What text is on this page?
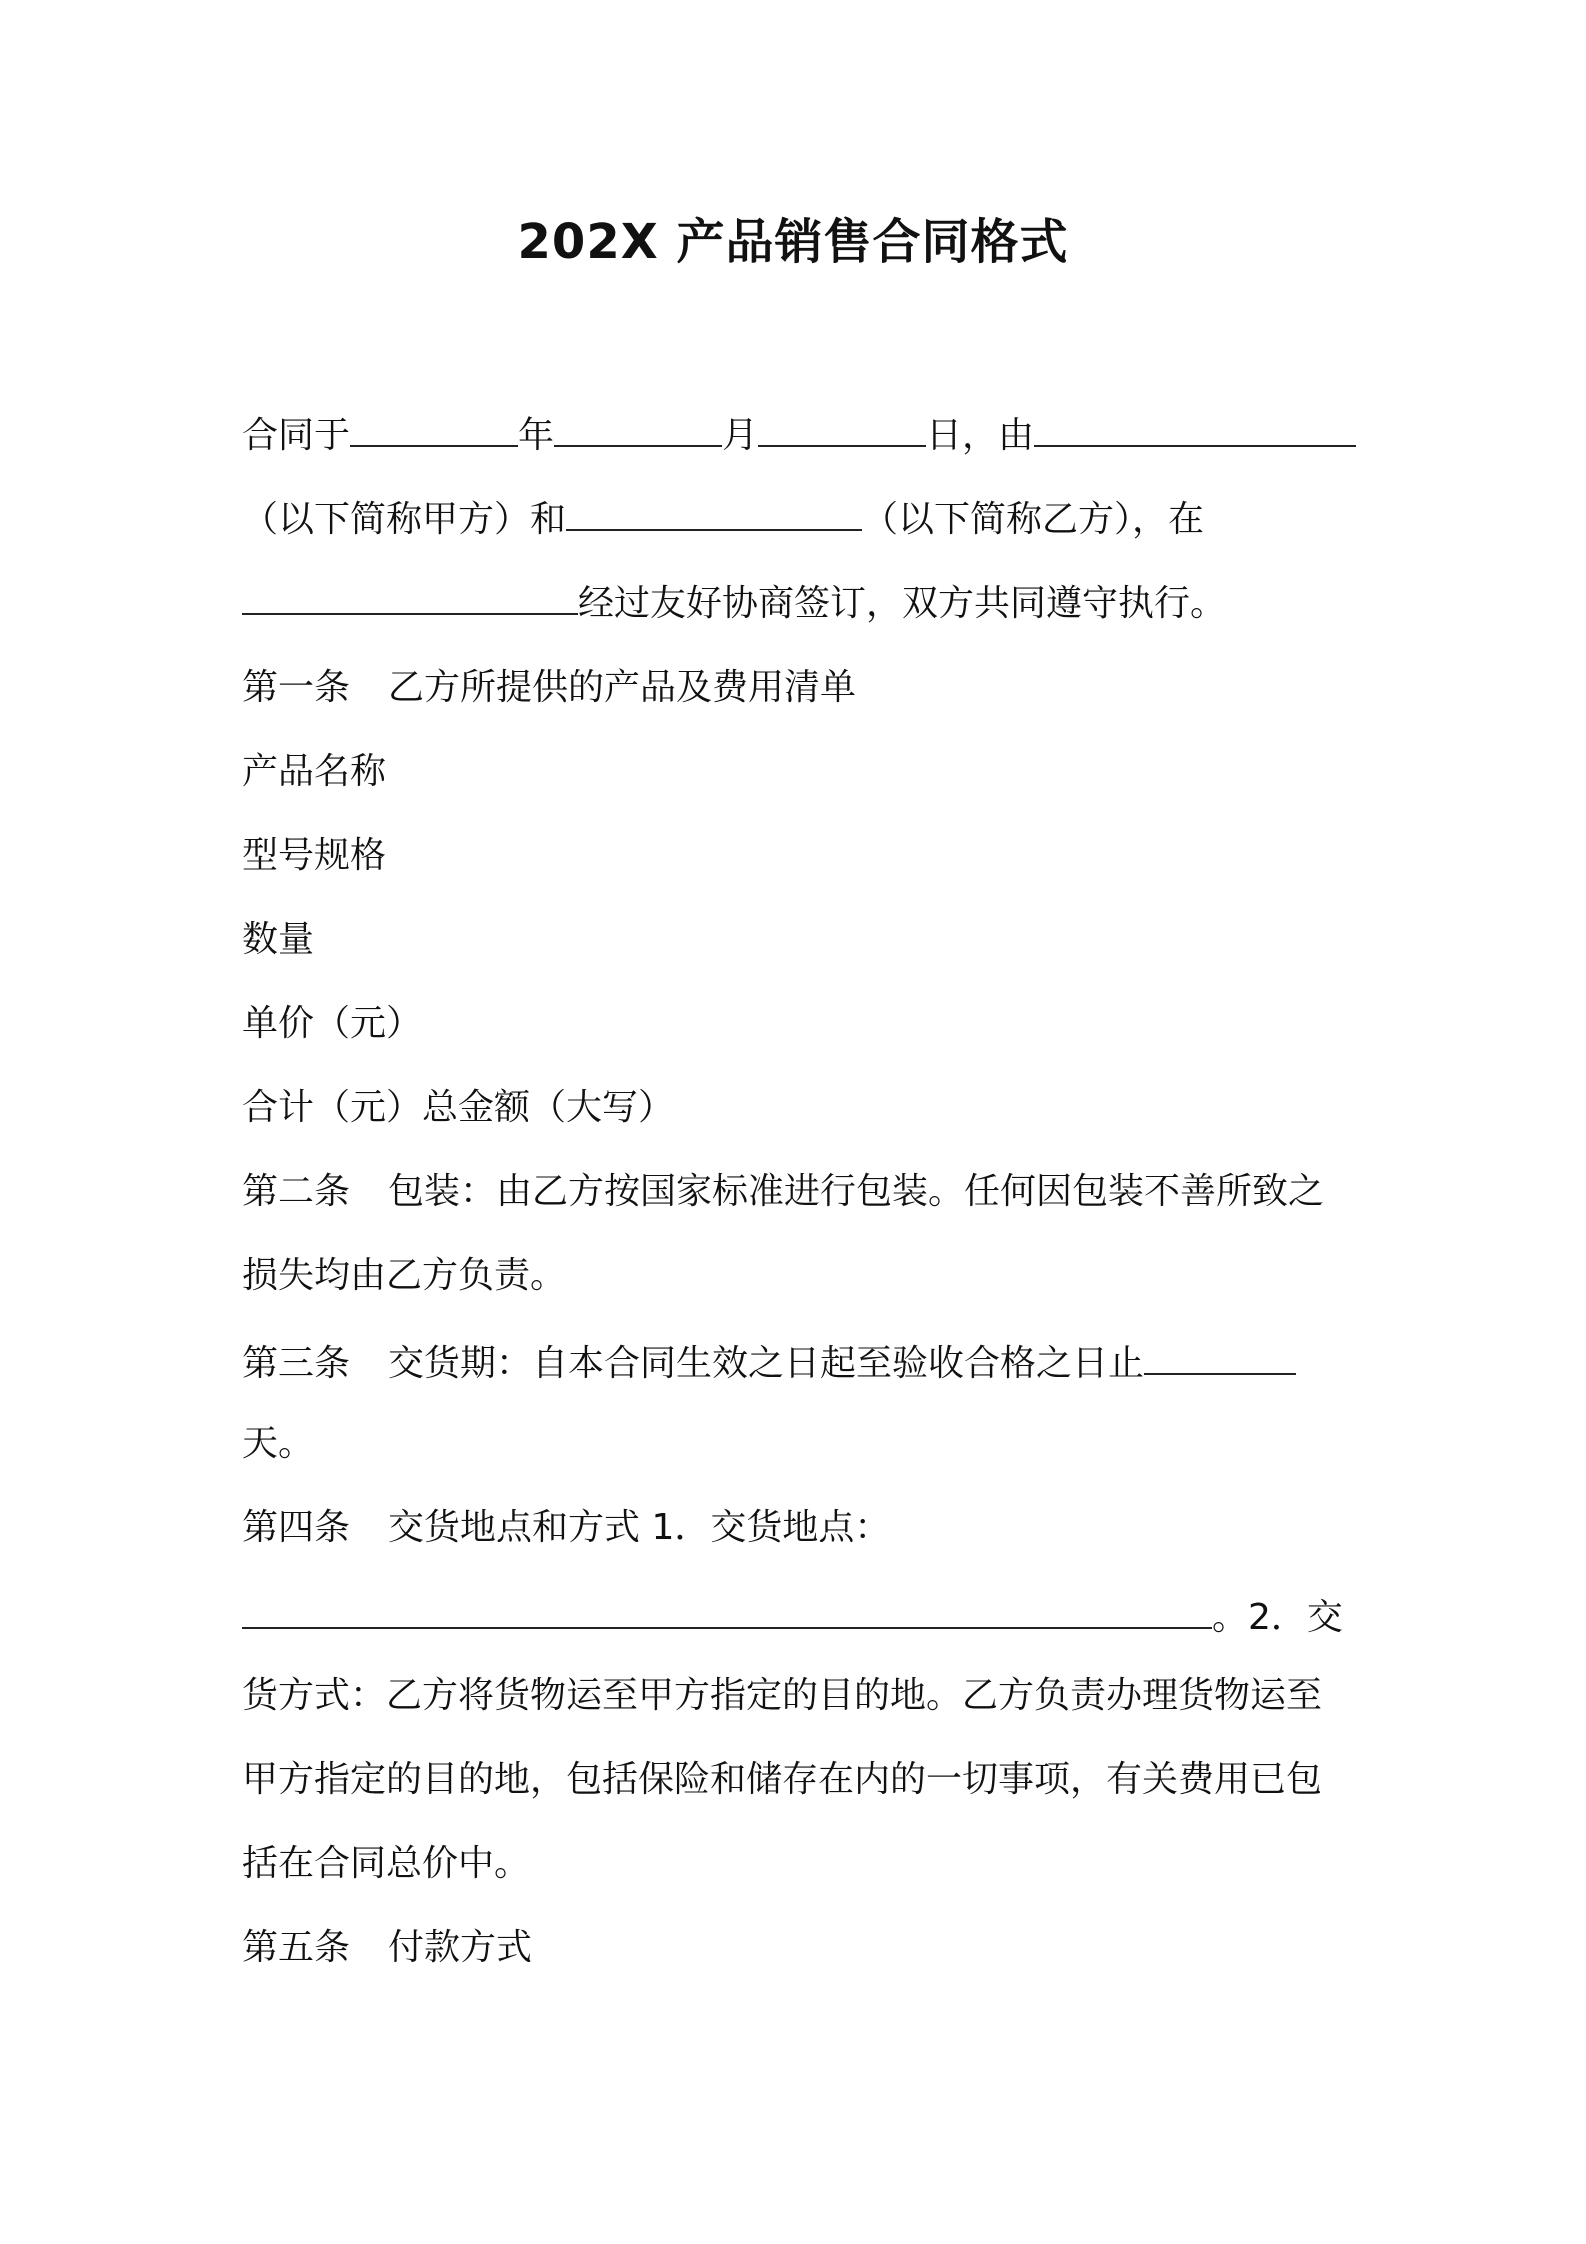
202X 产品销售合同格式
合同于	年	月	日，由
（以下简称甲方）和	（以下简称乙方），在
经过友好协商签订，双方共同遵守执行。
第一条 乙方所提供的产品及费用清单
产品名称
型号规格
数量
单价（元）
合计（元）总金额（大写）
第二条 包装：由乙方按国家标准进行包装。任何因包装不善所致之
损失均由乙方负责。
第三条 交货期：自本合同生效之日起至验收合格之日止
天。
第四条 交货地点和方式 1．交货地点：
。2．交
货方式：乙方将货物运至甲方指定的目的地。乙方负责办理货物运至
甲方指定的目的地，包括保险和储存在内的一切事项，有关费用已包
括在合同总价中。
第五条 付款方式
